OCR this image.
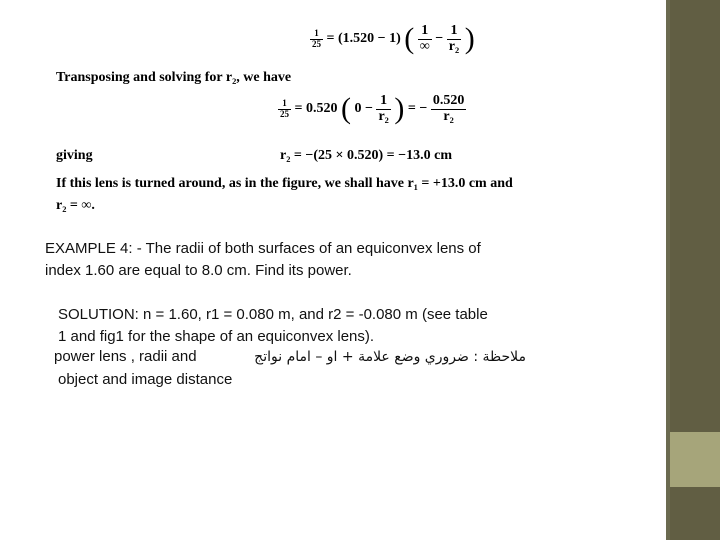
$\frac{1}{25} = (1.520 - 1)$ ( $\frac{1}{\infty} - \frac{1}{\text{r₂}}$ )
Transposing and solving for r₂, we have
$\frac{1}{25} = 0.520$ ( $0 - \frac{1}{\text{r₂}}$ ) = − $\frac{0.520}{\text{r₂}}$
giving	r₂ = −(25 × 0.520) = −13.0 cm
If this lens is turned around, as in the figure, we shall have r₁ = +13.0 cm and
r₂ = ∞.
EXAMPLE 4: - The radii of both surfaces of an equiconvex lens of
index 1.60 are equal to 8.0 cm. Find its power.
SOLUTION: n = 1.60, r1 = 0.080 m, and r2 = -0.080 m (see table
1 and fig1 for the shape of an equiconvex lens).
power lens , radii and	ملاحظة : ضروري وضع علامة + او – امام نواتج
object and image distance
